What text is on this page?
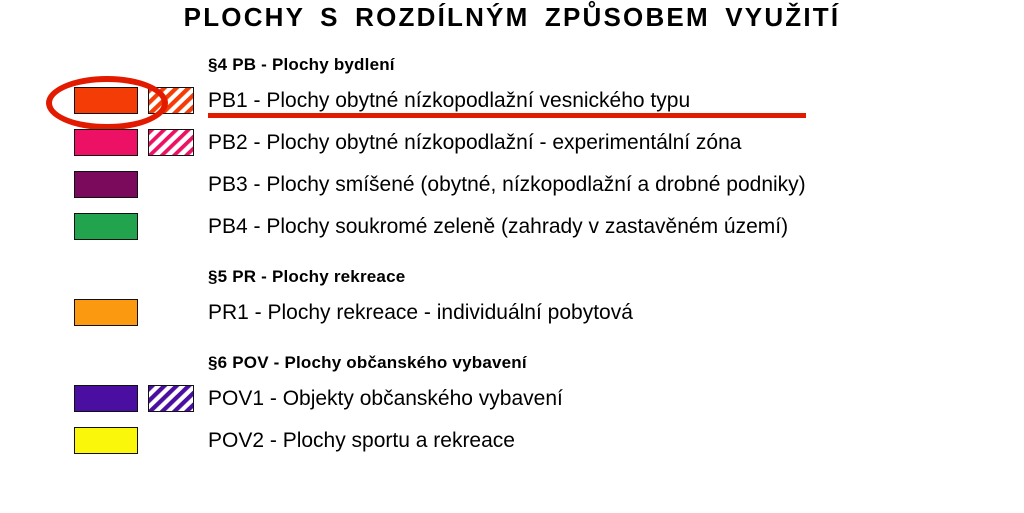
PLOCHY S ROZDÍLNÝM ZPŮSOBEM VYUŽITÍ
§4 PB - Plochy bydlení
PB1 - Plochy obytné nízkopodlažní vesnického typu
PB2 - Plochy obytné nízkopodlažní - experimentální zóna
PB3 - Plochy smíšené (obytné, nízkopodlažní a drobné podniky)
PB4 - Plochy soukromé zeleně (zahrady v zastavěném území)
§5 PR - Plochy rekreace
PR1 - Plochy rekreace - individuální pobytová
§6 POV - Plochy občanského vybavení
POV1 - Objekty občanského vybavení
POV2 - Plochy sportu a rekreace
